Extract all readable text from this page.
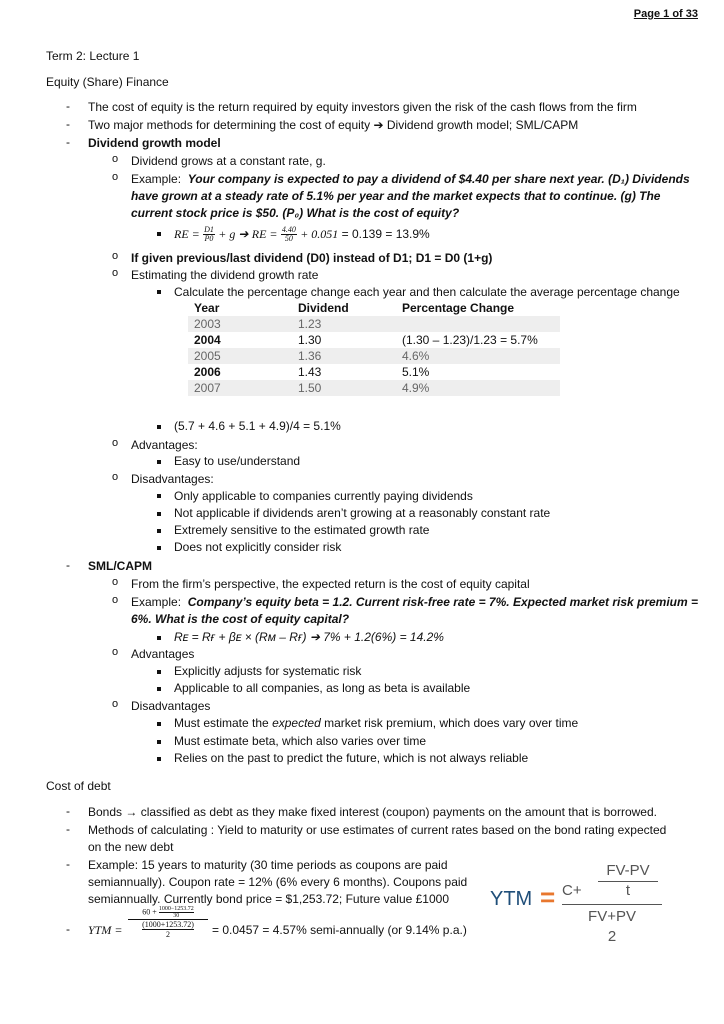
Page 1 of 33
Term 2: Lecture 1
Equity (Share) Finance
- The cost of equity is the return required by equity investors given the risk of the cash flows from the firm
- Two major methods for determining the cost of equity ➔ Dividend growth model; SML/CAPM
- Dividend growth model
o Dividend grows at a constant rate, g.
o Example: Your company is expected to pay a dividend of $4.40 per share next year. (D₁) Dividends
have grown at a steady rate of 5.1% per year and the market expects that to continue. (g) The
current stock price is $50. (P₀) What is the cost of equity?
RE = $\frac{D1}{P0} + g$ ➔ RE = $\frac{4.40}{50} + 0.051 = 0.139 = 13.9\%$
o If given previous/last dividend (D0) instead of D1; D1 = D0 (1+g)
o Estimating the dividend growth rate
Calculate the percentage change each year and then calculate the average percentage change
Year	Dividend	Percentage Change
2003	1.23	
2004	1.30	(1.30 – 1.23)/1.23 = 5.7%
2005	1.36	4.6%
2006	1.43	5.1%
2007	1.50	4.9%
(5.7 + 4.6 + 5.1 + 4.9)/4 = 5.1%
o Advantages:
Easy to use/understand
o Disadvantages:
Only applicable to companies currently paying dividends
Not applicable if dividends aren’t growing at a reasonably constant rate
Extremely sensitive to the estimated growth rate
Does not explicitly consider risk
- SML/CAPM
o From the firm’s perspective, the expected return is the cost of equity capital
o Example: Company’s equity beta = 1.2. Current risk-free rate = 7%. Expected market risk premium =
6%. What is the cost of equity capital?
Rᴇ = Rғ + βᴇ × (Rᴍ – Rғ) ➔ 7% + 1.2(6%) = 14.2%
o Advantages
Explicitly adjusts for systematic risk
Applicable to all companies, as long as beta is available
o Disadvantages
Must estimate the expected market risk premium, which does vary over time
Must estimate beta, which also varies over time
Relies on the past to predict the future, which is not always reliable
Cost of debt
- Bonds → classified as debt as they make fixed interest (coupon) payments on the amount that is borrowed.
- Methods of calculating : Yield to maturity or use estimates of current rates based on the bond rating expected
on the new debt
- Example: 15 years to maturity (30 time periods as coupons are paid
semiannually). Coupon rate = 12% (6% every 6 months). Coupons paid
semiannually. Currently bond price = $1,253.72; Future value £1000
- YTM =
$60 + \frac{1000-1253.72}{30}$
$\frac{(1000+1253.72)}{2} = 0.0457 = 4.57\%$ semi-annually (or 9.14% p.a.)
YTM = C+
FV-PV
t
FV+PV
2
